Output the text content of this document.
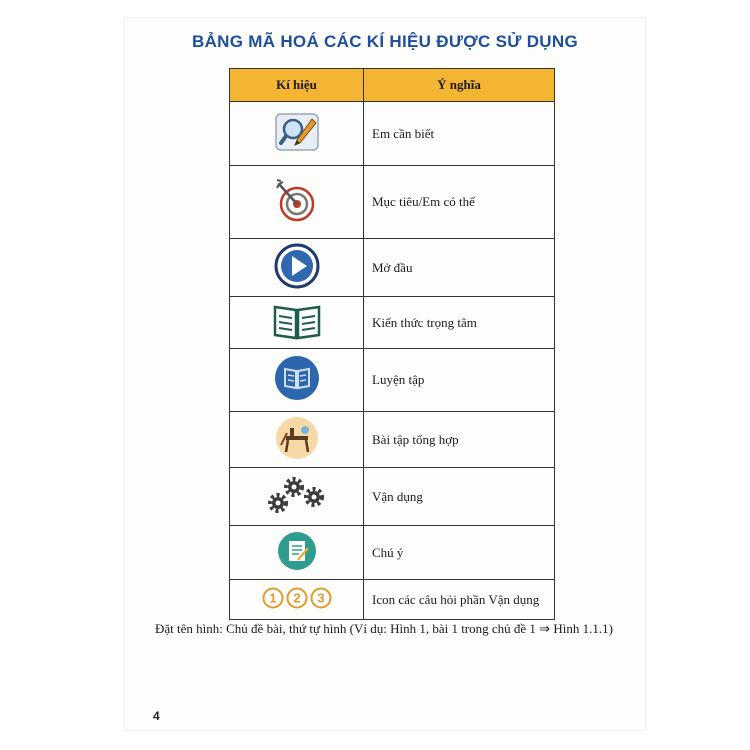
BẢNG MÃ HOÁ CÁC KÍ HIỆU ĐƯỢC SỬ DỤNG
Kí hiệu	Ý nghĩa
	Em cần biết
	Mục tiêu/Em có thể
	Mở đầu
	Kiến thức trọng tâm
	Luyện tập
	Bài tập tổng hợp
	Vận dụng
	Chú ý

1 2 3	Icon các câu hỏi phần Vận dụng
Đặt tên hình: Chủ đề bài, thứ tự hình (Ví dụ: Hình 1, bài 1 trong chủ đề 1 ⇒ Hình 1.1.1)
4
